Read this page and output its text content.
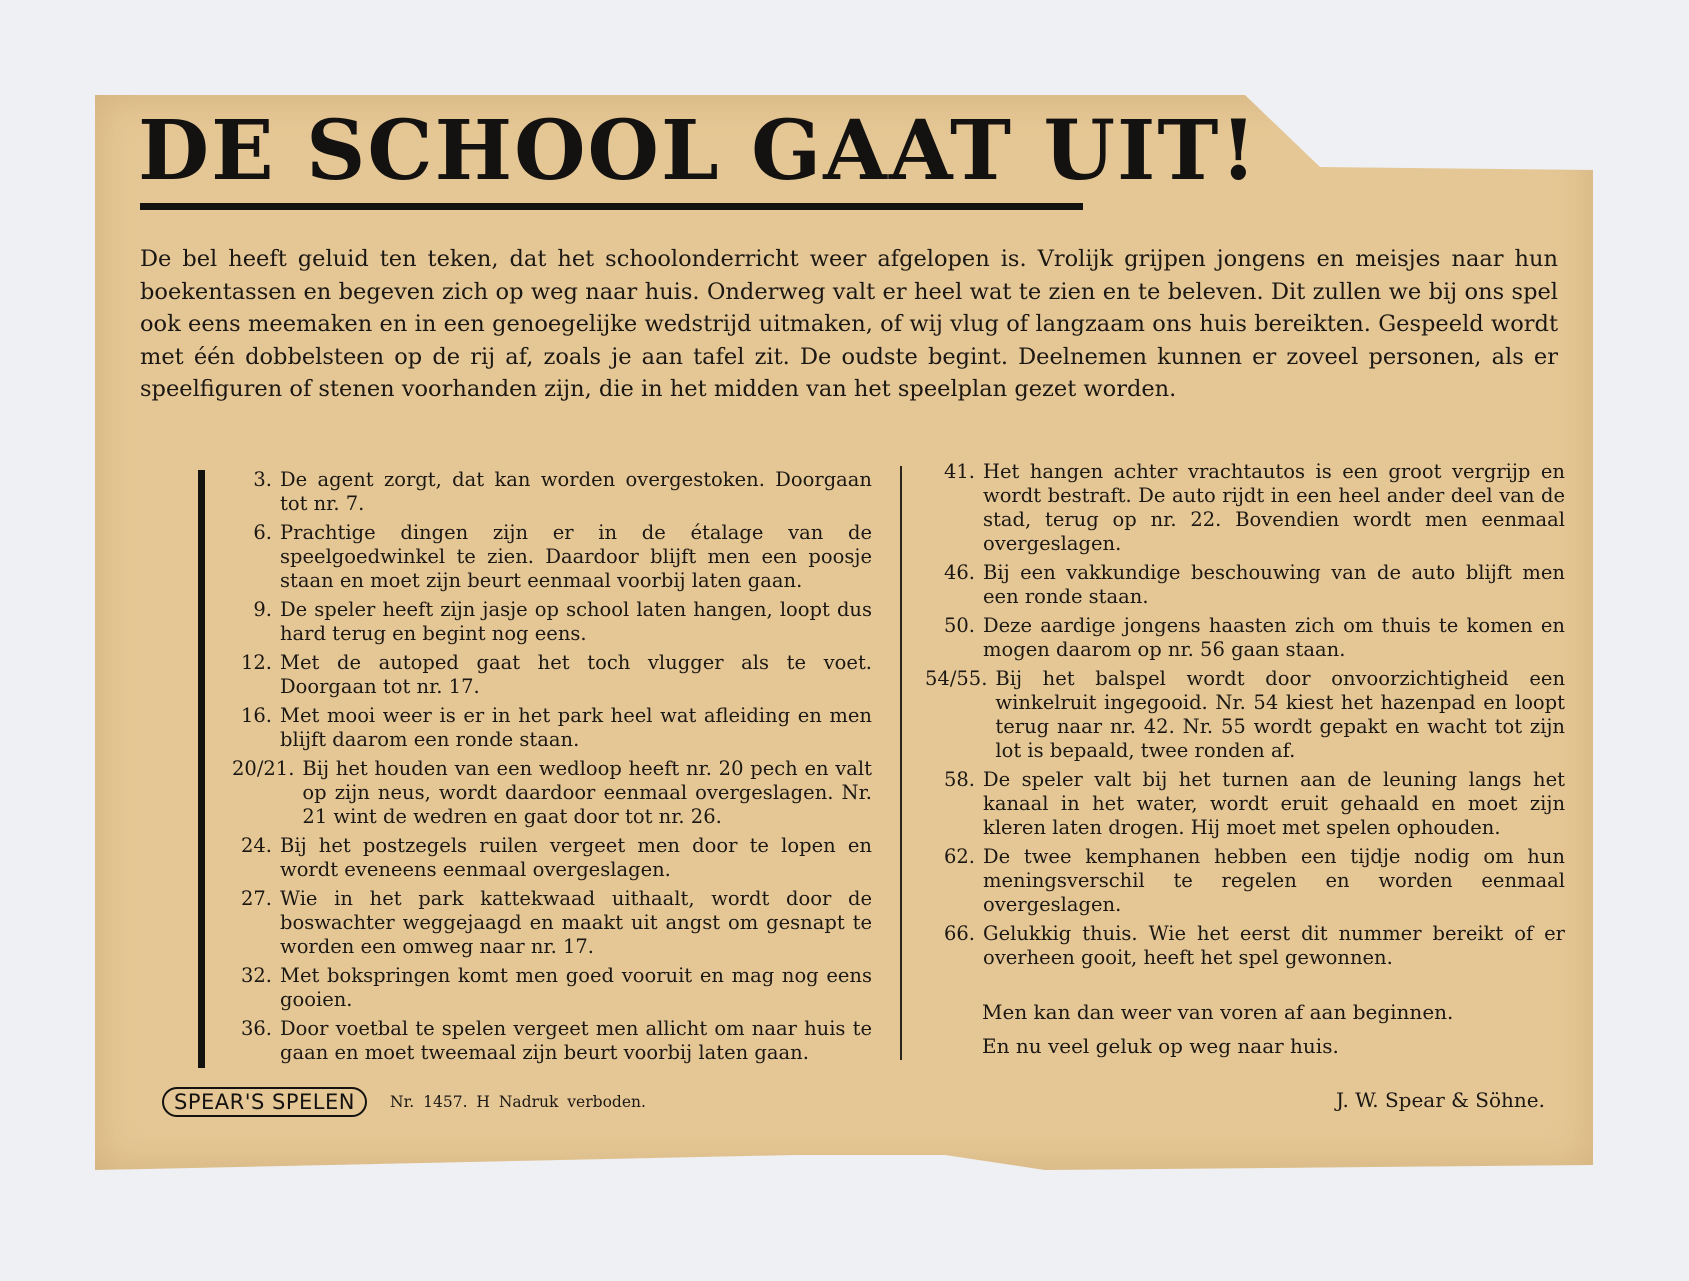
DE SCHOOL GAAT UIT!

De bel heeft geluid ten teken, dat het schoolonderricht weer afgelopen is. Vrolijk grijpen jongens en meisjes naar hun boekentassen en begeven zich op weg naar huis. Onderweg valt er heel wat te zien en te beleven. Dit zullen we bij ons spel ook eens meemaken en in een genoegelijke wedstrijd uitmaken, of wij vlug of langzaam ons huis bereikten. Gespeeld wordt met één dobbelsteen op de rij af, zoals je aan tafel zit. De oudste begint. Deelnemen kunnen er zoveel personen, als er speelfiguren of stenen voorhanden zijn, die in het midden van het speelplan gezet worden.

3. De agent zorgt, dat kan worden overgestoken. Doorgaan tot nr. 7.
6. Prachtige dingen zijn er in de étalage van de speelgoedwinkel te zien. Daardoor blijft men een poosje staan en moet zijn beurt eenmaal voorbij laten gaan.
9. De speler heeft zijn jasje op school laten hangen, loopt dus hard terug en begint nog eens.
12. Met de autoped gaat het toch vlugger als te voet. Doorgaan tot nr. 17.
16. Met mooi weer is er in het park heel wat afleiding en men blijft daarom een ronde staan.
20/21. Bij het houden van een wedloop heeft nr. 20 pech en valt op zijn neus, wordt daardoor eenmaal overgeslagen. Nr. 21 wint de wedren en gaat door tot nr. 26.
24. Bij het postzegels ruilen vergeet men door te lopen en wordt eveneens eenmaal overgeslagen.
27. Wie in het park kattekwaad uithaalt, wordt door de boswachter weggejaagd en maakt uit angst om gesnapt te worden een omweg naar nr. 17.
32. Met bokspringen komt men goed vooruit en mag nog eens gooien.
36. Door voetbal te spelen vergeet men allicht om naar huis te gaan en moet tweemaal zijn beurt voorbij laten gaan.
41. Het hangen achter vrachtautos is een groot vergrijp en wordt bestraft. De auto rijdt in een heel ander deel van de stad, terug op nr. 22. Bovendien wordt men eenmaal overgeslagen.
46. Bij een vakkundige beschouwing van de auto blijft men een ronde staan.
50. Deze aardige jongens haasten zich om thuis te komen en mogen daarom op nr. 56 gaan staan.
54/55. Bij het balspel wordt door onvoorzichtigheid een winkelruit ingegooid. Nr. 54 kiest het hazenpad en loopt terug naar nr. 42. Nr. 55 wordt gepakt en wacht tot zijn lot is bepaald, twee ronden af.
58. De speler valt bij het turnen aan de leuning langs het kanaal in het water, wordt eruit gehaald en moet zijn kleren laten drogen. Hij moet met spelen ophouden.
62. De twee kemphanen hebben een tijdje nodig om hun meningsverschil te regelen en worden eenmaal overgeslagen.
66. Gelukkig thuis. Wie het eerst dit nummer bereikt of er overheen gooit, heeft het spel gewonnen.

Men kan dan weer van voren af aan beginnen.

En nu veel geluk op weg naar huis.

SPEAR'S SPELEN	Nr. 1457. H Nadruk verboden.	J. W. Spear & Söhne.
